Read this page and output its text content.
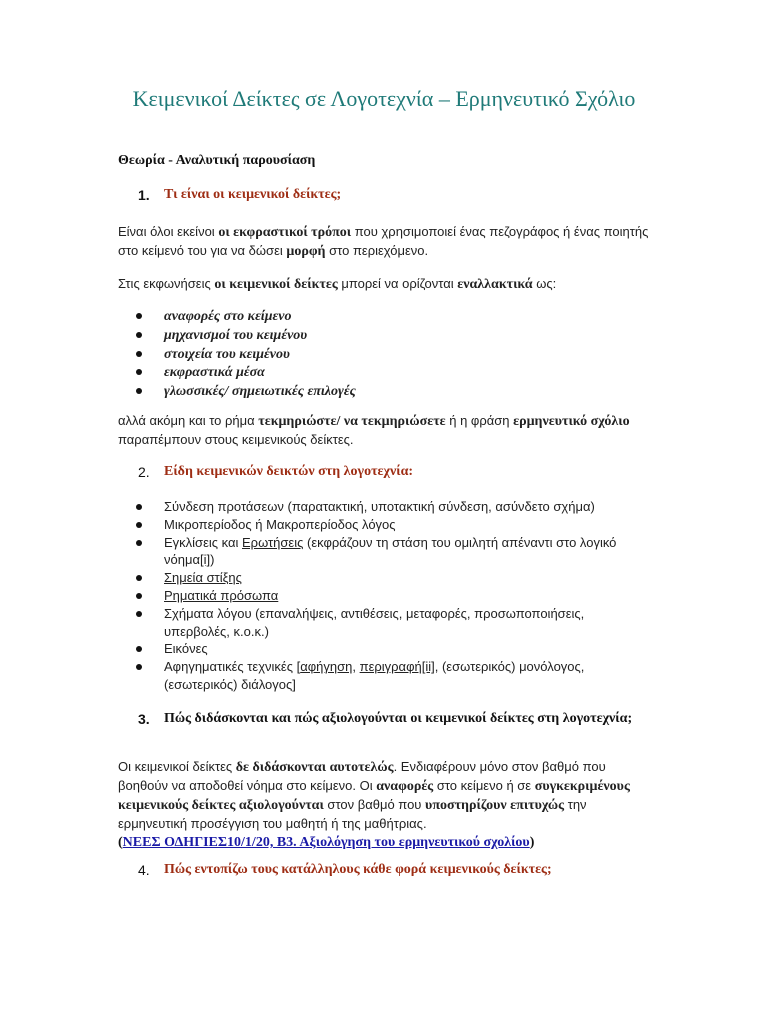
Κειμενικοί Δείκτες σε Λογοτεχνία – Ερμηνευτικό Σχόλιο

Θεωρία - Αναλυτική παρουσίαση

1. Τι είναι οι κειμενικοί δείκτες;

Είναι όλοι εκείνοι οι εκφραστικοί τρόποι που χρησιμοποιεί ένας πεζογράφος ή ένας ποιητής στο κείμενό του για να δώσει μορφή στο περιεχόμενο.

Στις εκφωνήσεις οι κειμενικοί δείκτες μπορεί να ορίζονται εναλλακτικά ως:

αναφορές στο κείμενο
μηχανισμοί του κειμένου
στοιχεία του κειμένου
εκφραστικά μέσα
γλωσσικές/ σημειωτικές επιλογές

αλλά ακόμη και το ρήμα τεκμηριώστε/ να τεκμηριώσετε ή η φράση ερμηνευτικό σχόλιο παραπέμπουν στους κειμενικούς δείκτες.

2. Είδη κειμενικών δεικτών στη λογοτεχνία:
Σύνδεση προτάσεων (παρατακτική, υποτακτική σύνδεση, ασύνδετο σχήμα)
Μικροπερίοδος ή Μακροπερίοδος λόγος
Εγκλίσεις και Ερωτήσεις (εκφράζουν τη στάση του ομιλητή απέναντι στο λογικό νόημα[i])
Σημεία στίξης
Ρηματικά πρόσωπα
Σχήματα λόγου (επαναλήψεις, αντιθέσεις, μεταφορές, προσωποποιήσεις, υπερβολές, κ.ο.κ.)
Εικόνες
Αφηγηματικές τεχνικές [αφήγηση, περιγραφή[ii], (εσωτερικός) μονόλογος, (εσωτερικός) διάλογος]
3. Πώς διδάσκονται και πώς αξιολογούνται οι κειμενικοί δείκτες στη λογοτεχνία;

Οι κειμενικοί δείκτες δε διδάσκονται αυτοτελώς. Ενδιαφέρουν μόνο στον βαθμό που βοηθούν να αποδοθεί νόημα στο κείμενο. Οι αναφορές στο κείμενο ή σε συγκεκριμένους κειμενικούς δείκτες αξιολογούνται στον βαθμό που υποστηρίζουν επιτυχώς την ερμηνευτική προσέγγιση του μαθητή ή της μαθήτριας.
(ΝΕΕΣ ΟΔΗΓΙΕΣ10/1/20, Β3. Αξιολόγηση του ερμηνευτικού σχολίου)

4. Πώς εντοπίζω τους κατάλληλους κάθε φορά κειμενικούς δείκτες;
